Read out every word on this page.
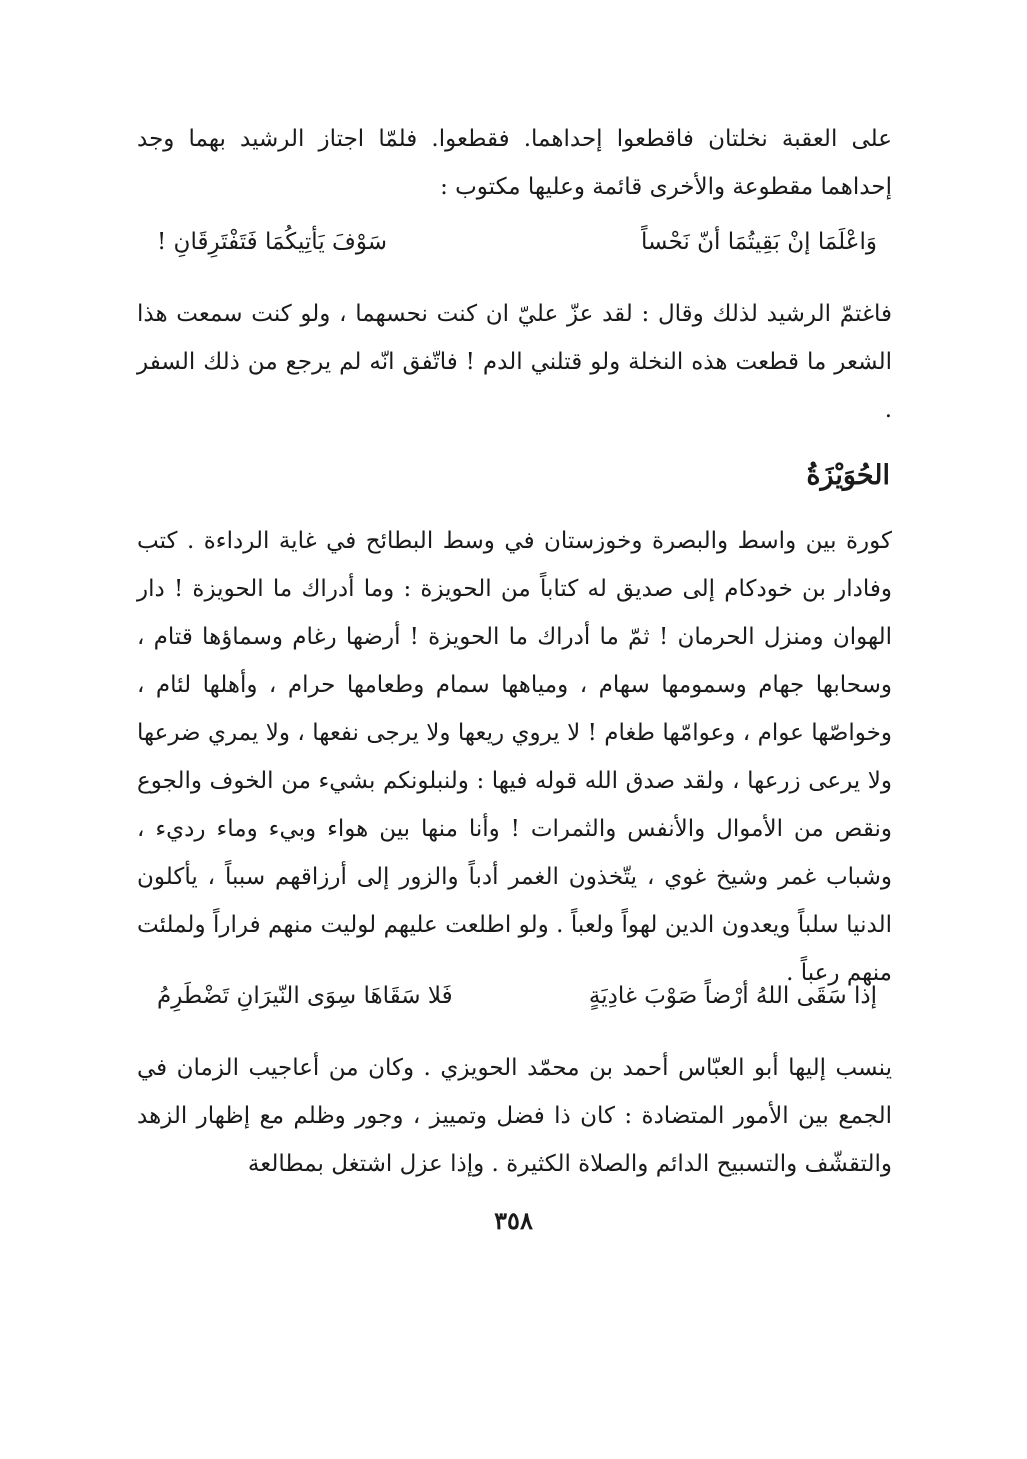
على العقبة نخلتان فاقطعوا إحداهما. فقطعوا. فلمّا اجتاز الرشيد بهما وجد إحداهما مقطوعة والأخرى قائمة وعليها مكتوب :
وَاعْلَمَا إنْ بَقِيتُمَا أنّ نَحْساً
سَوْفَ يَأتِيكُمَا فَتَفْتَرِقَانِ !
فاغتمّ الرشيد لذلك وقال : لقد عزّ عليّ ان كنت نحسهما ، ولو كنت سمعت هذا الشعر ما قطعت هذه النخلة ولو قتلني الدم ! فاتّفق انّه لم يرجع من ذلك السفر .
الحُوَيْزَةُ
كورة بين واسط والبصرة وخوزستان في وسط البطائح في غاية الرداءة . كتب وفادار بن خودكام إلى صديق له كتاباً من الحويزة : وما أدراك ما الحويزة ! دار الهوان ومنزل الحرمان ! ثمّ ما أدراك ما الحويزة ! أرضها رغام وسماؤها قتام ، وسحابها جهام وسمومها سهام ، ومياهها سمام وطعامها حرام ، وأهلها لئام ، وخواصّها عوام ، وعوامّها طغام ! لا يروي ريعها ولا يرجى نفعها ، ولا يمري ضرعها ولا يرعى زرعها ، ولقد صدق الله قوله فيها : ولنبلونكم بشيء من الخوف والجوع ونقص من الأموال والأنفس والثمرات ! وأنا منها بين هواء وبيء وماء رديء ، وشباب غمر وشيخ غوي ، يتّخذون الغمر أدباً والزور إلى أرزاقهم سبباً ، يأكلون الدنيا سلباً ويعدون الدين لهواً ولعباً . ولو اطلعت عليهم لوليت منهم فراراً ولملئت منهم رعباً .
إذا سَقَى اللهُ أرْضاً صَوْبَ غادِيَةٍ
فَلا سَقَاهَا سِوَى النّيرَانِ تَضْطَرِمُ
ينسب إليها أبو العبّاس أحمد بن محمّد الحويزي . وكان من أعاجيب الزمان في الجمع بين الأمور المتضادة : كان ذا فضل وتمييز ، وجور وظلم مع إظهار الزهد والتقشّف والتسبيح الدائم والصلاة الكثيرة . وإذا عزل اشتغل بمطالعة
٣٥٨
